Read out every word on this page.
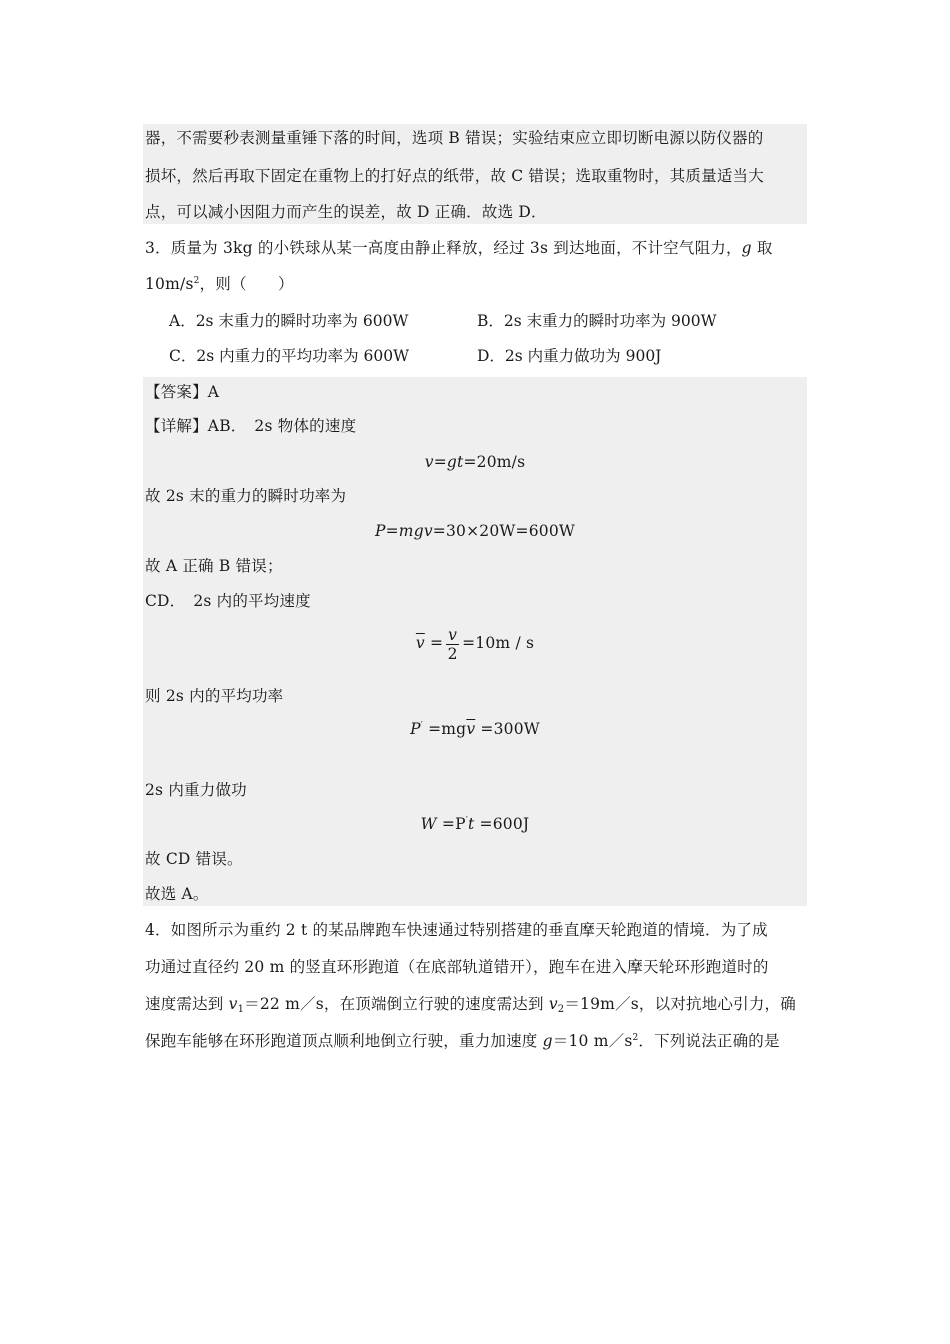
器，不需要秒表测量重锤下落的时间，选项 B 错误；实验结束应立即切断电源以防仪器的
损坏，然后再取下固定在重物上的打好点的纸带，故 C 错误；选取重物时，其质量适当大
点，可以减小因阻力而产生的误差，故 D 正确．故选 D．
3．质量为 3kg 的小铁球从某一高度由静止释放，经过 3s 到达地面，不计空气阻力，g 取
$10m/s^2$，则（　　）
A．2s 末重力的瞬时功率为 600W	B．2s 末重力的瞬时功率为 900W
C．2s 内重力的平均功率为 600W	D．2s 内重力做功为 900J
【答案】A
【详解】AB．　2s 物体的速度
v=gt=20m/s
故 2s 末的重力的瞬时功率为
P=mgv=30×20W=600W
故 A 正确 B 错误；
CD．　2s 内的平均速度
$\overline{v} = \frac{v}{2} =10m / s$
则 2s 内的平均功率
$P' =mg\overline{v} =300W$
2s 内重力做功
W =P′t =600J
故 CD 错误。
故选 A。
4．如图所示为重约 2 t 的某品牌跑车快速通过特别搭建的垂直摩天轮跑道的情境．为了成
功通过直径约 20 m 的竖直环形跑道（在底部轨道错开），跑车在进入摩天轮环形跑道时的
速度需达到 $v_1=22$ m／s，在顶端倒立行驶的速度需达到 $v_2=19m/s$，以对抗地心引力，确
保跑车能够在环形跑道顶点顺利地倒立行驶，重力加速度 g＝10 $m/s^2$．下列说法正确的是
